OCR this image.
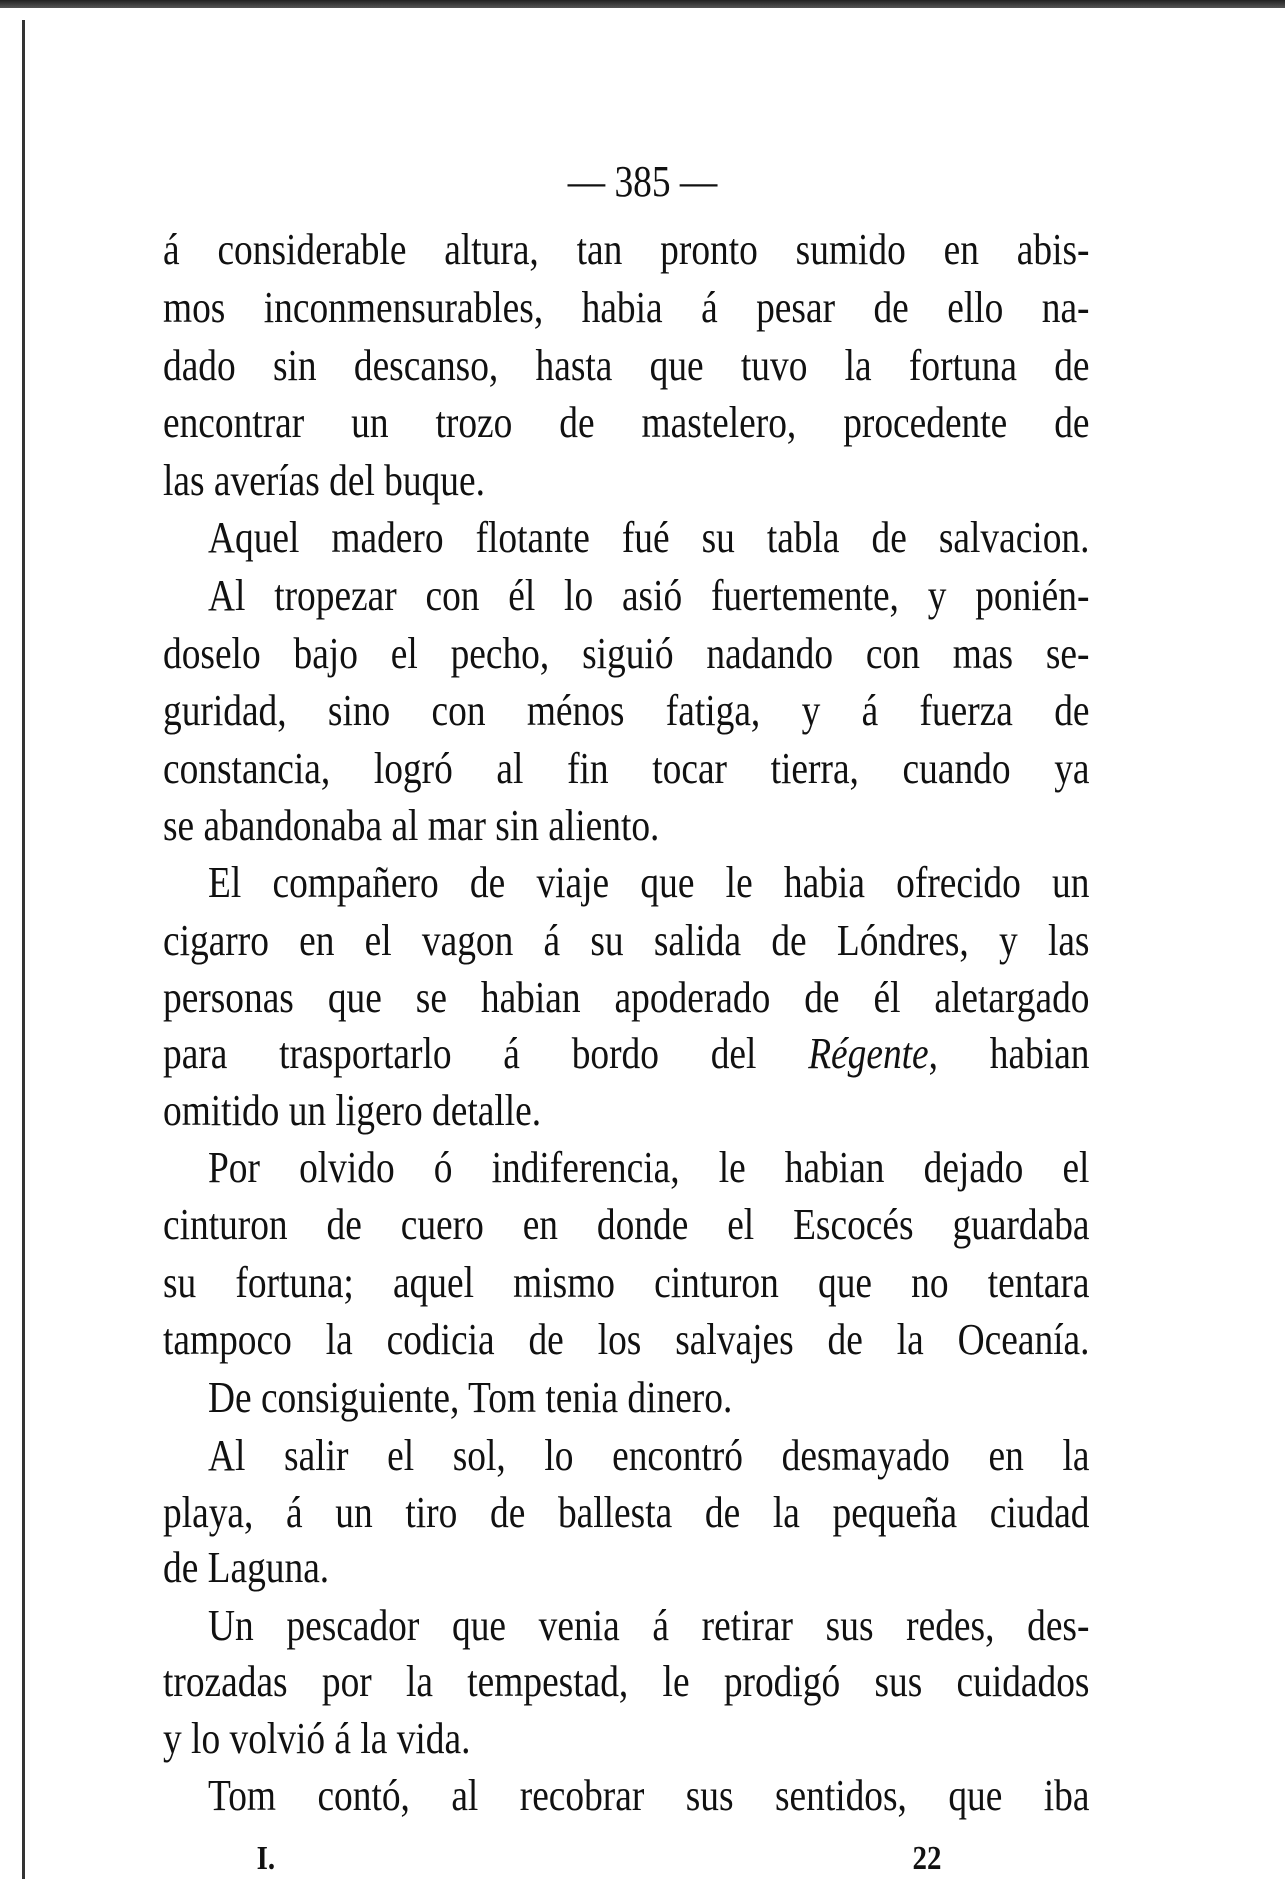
— 385 —
á considerable altura, tan pronto sumido en abis-
mos inconmensurables, habia á pesar de ello na-
dado sin descanso, hasta que tuvo la fortuna de
encontrar un trozo de mastelero, procedente de
las averías del buque.
Aquel madero flotante fué su tabla de salvacion.
Al tropezar con él lo asió fuertemente, y ponién-
doselo bajo el pecho, siguió nadando con mas se-
guridad, sino con ménos fatiga, y á fuerza de
constancia, logró al fin tocar tierra, cuando ya
se abandonaba al mar sin aliento.
El compañero de viaje que le habia ofrecido un
cigarro en el vagon á su salida de Lóndres, y las
personas que se habian apoderado de él aletargado
para trasportarlo á bordo del Régente, habian
omitido un ligero detalle.
Por olvido ó indiferencia, le habian dejado el
cinturon de cuero en donde el Escocés guardaba
su fortuna; aquel mismo cinturon que no tentara
tampoco la codicia de los salvajes de la Oceanía.
De consiguiente, Tom tenia dinero.
Al salir el sol, lo encontró desmayado en la
playa, á un tiro de ballesta de la pequeña ciudad
de Laguna.
Un pescador que venia á retirar sus redes, des-
trozadas por la tempestad, le prodigó sus cuidados
y lo volvió á la vida.
Tom contó, al recobrar sus sentidos, que iba
I.	22
